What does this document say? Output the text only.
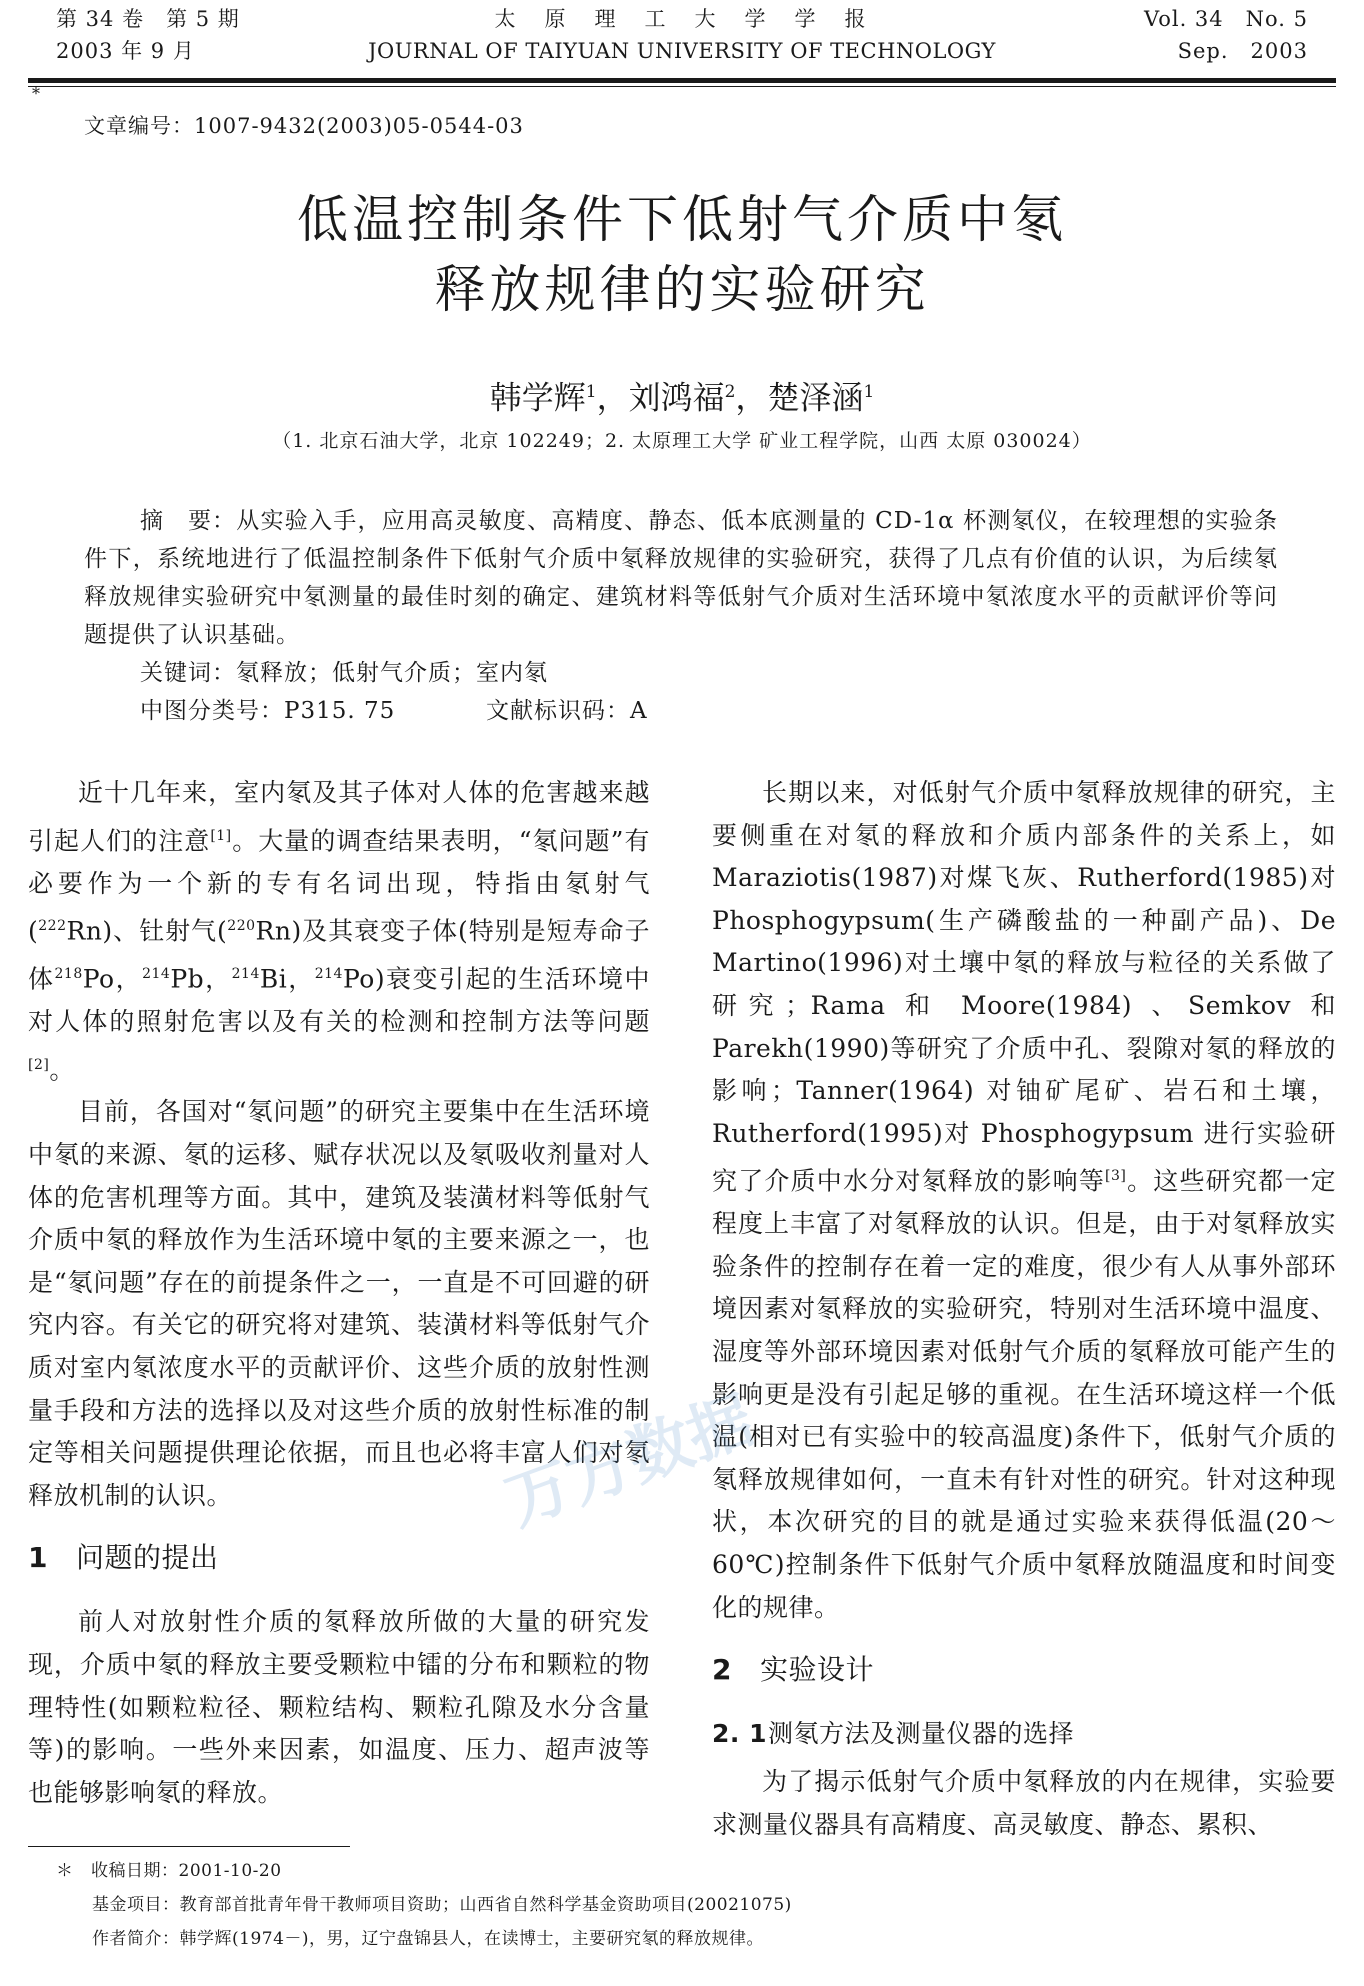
第 34 卷　第 5 期
2003 年 9 月
太　原　理　工　大　学　学　报
JOURNAL OF TAIYUAN UNIVERSITY OF TECHNOLOGY
Vol. 34　No. 5
Sep.　2003
*
文章编号：1007-9432(2003)05-0544-03
低温控制条件下低射气介质中氡
释放规律的实验研究
韩学辉$^1$，刘鸿福$^2$，楚泽涵$^1$
（1. 北京石油大学，北京 102249；2. 太原理工大学 矿业工程学院，山西 太原 030024）
摘　要：从实验入手，应用高灵敏度、高精度、静态、低本底测量的 CD-1α 杯测氡仪，在较理想的实验条件下，系统地进行了低温控制条件下低射气介质中氡释放规律的实验研究，获得了几点有价值的认识，为后续氡释放规律实验研究中氡测量的最佳时刻的确定、建筑材料等低射气介质对生活环境中氡浓度水平的贡献评价等问题提供了认识基础。
关键词：氡释放；低射气介质；室内氡
中图分类号：P315. 75	文献标识码：A

近十几年来，室内氡及其子体对人体的危害越来越引起人们的注意[1]。大量的调查结果表明，“氡问题”有必要作为一个新的专有名词出现，特指由氡射气($^{222}$Rn)、钍射气($^{220}$Rn)及其衰变子体(特别是短寿命子体$^{218}$Po，$^{214}$Pb，$^{214}$Bi，$^{214}$Po)衰变引起的生活环境中对人体的照射危害以及有关的检测和控制方法等问题[2]。

目前，各国对“氡问题”的研究主要集中在生活环境中氡的来源、氡的运移、赋存状况以及氡吸收剂量对人体的危害机理等方面。其中，建筑及装潢材料等低射气介质中氡的释放作为生活环境中氡的主要来源之一，也是“氡问题”存在的前提条件之一，一直是不可回避的研究内容。有关它的研究将对建筑、装潢材料等低射气介质对室内氡浓度水平的贡献评价、这些介质的放射性测量手段和方法的选择以及对这些介质的放射性标准的制定等相关问题提供理论依据，而且也必将丰富人们对氡释放机制的认识。

1 问题的提出

前人对放射性介质的氡释放所做的大量的研究发现，介质中氡的释放主要受颗粒中镭的分布和颗粒的物理特性(如颗粒粒径、颗粒结构、颗粒孔隙及水分含量等)的影响。一些外来因素，如温度、压力、超声波等也能够影响氡的释放。

长期以来，对低射气介质中氡释放规律的研究，主要侧重在对氡的释放和介质内部条件的关系上，如 Maraziotis(1987)对煤飞灰、Rutherford(1985)对 Phosphogypsum(生产磷酸盐的一种副产品)、De Martino(1996)对土壤中氡的释放与粒径的关系做了研究；Rama 和 Moore(1984) 、Semkov 和 Parekh(1990)等研究了介质中孔、裂隙对氡的释放的影响；Tanner(1964) 对铀矿尾矿、岩石和土壤，Rutherford(1995)对 Phosphogypsum 进行实验研究了介质中水分对氡释放的影响等[3]。这些研究都一定程度上丰富了对氡释放的认识。但是，由于对氡释放实验条件的控制存在着一定的难度，很少有人从事外部环境因素对氡释放的实验研究，特别对生活环境中温度、湿度等外部环境因素对低射气介质的氡释放可能产生的影响更是没有引起足够的重视。在生活环境这样一个低温(相对已有实验中的较高温度)条件下，低射气介质的氡释放规律如何，一直未有针对性的研究。针对这种现状，本次研究的目的就是通过实验来获得低温(20～60℃)控制条件下低射气介质中氡释放随温度和时间变化的规律。

2 实验设计
2. 1测氡方法及测量仪器的选择

为了揭示低射气介质中氡释放的内在规律，实验要求测量仪器具有高精度、高灵敏度、静态、累积、

万方数据
＊　收稿日期：2001-10-20
基金项目：教育部首批青年骨干教师项目资助；山西省自然科学基金资助项目(20021075)
作者简介：韩学辉(1974－)，男，辽宁盘锦县人，在读博士，主要研究氡的释放规律。
